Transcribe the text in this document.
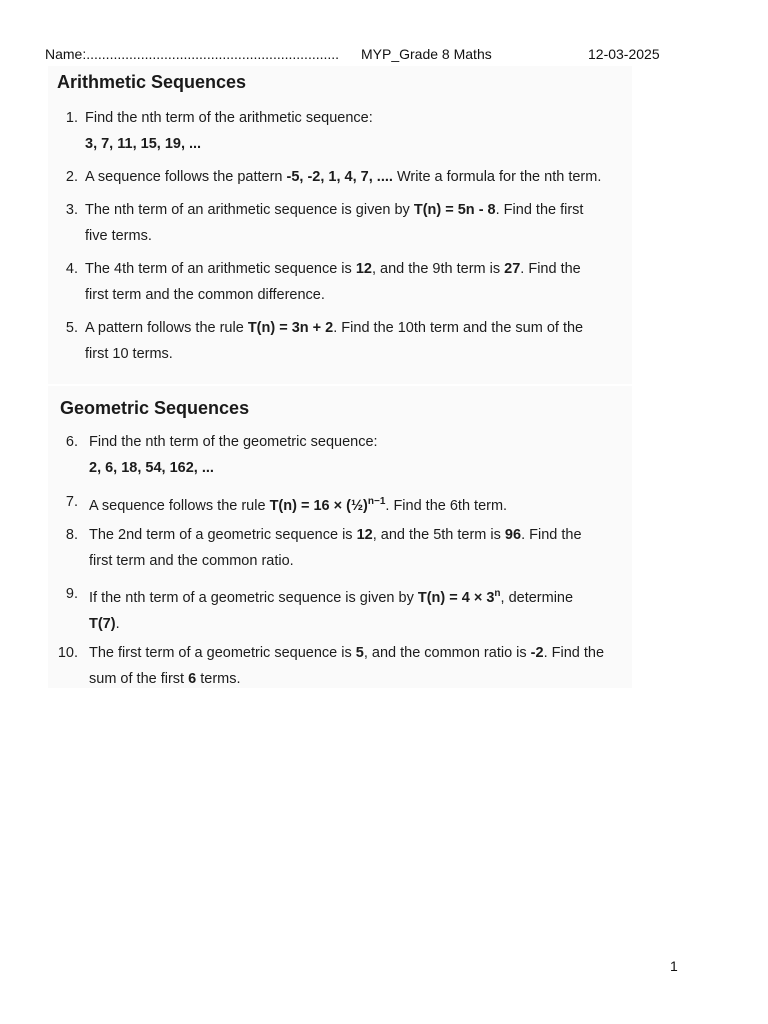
Name:................................................................. MYP_Grade 8 Maths	12-03-2025
Arithmetic Sequences
1. Find the nth term of the arithmetic sequence:
3, 7, 11, 15, 19, ...
2. A sequence follows the pattern -5, -2, 1, 4, 7, .... Write a formula for the nth term.
3. The nth term of an arithmetic sequence is given by T(n) = 5n - 8. Find the first
five terms.
4. The 4th term of an arithmetic sequence is 12, and the 9th term is 27. Find the
first term and the common difference.
5. A pattern follows the rule T(n) = 3n + 2. Find the 10th term and the sum of the
first 10 terms.
Geometric Sequences
6. Find the nth term of the geometric sequence:
2, 6, 18, 54, 162, ...
7. A sequence follows the rule T(n) = 16 × (½)$^{n-1}$. Find the 6th term.
8. The 2nd term of a geometric sequence is 12, and the 5th term is 96. Find the
first term and the common ratio.
9. If the nth term of a geometric sequence is given by $T(n) = 4 \times 3^n$, determine
T(7).
10. The first term of a geometric sequence is 5, and the common ratio is -2. Find the
sum of the first 6 terms.
1
